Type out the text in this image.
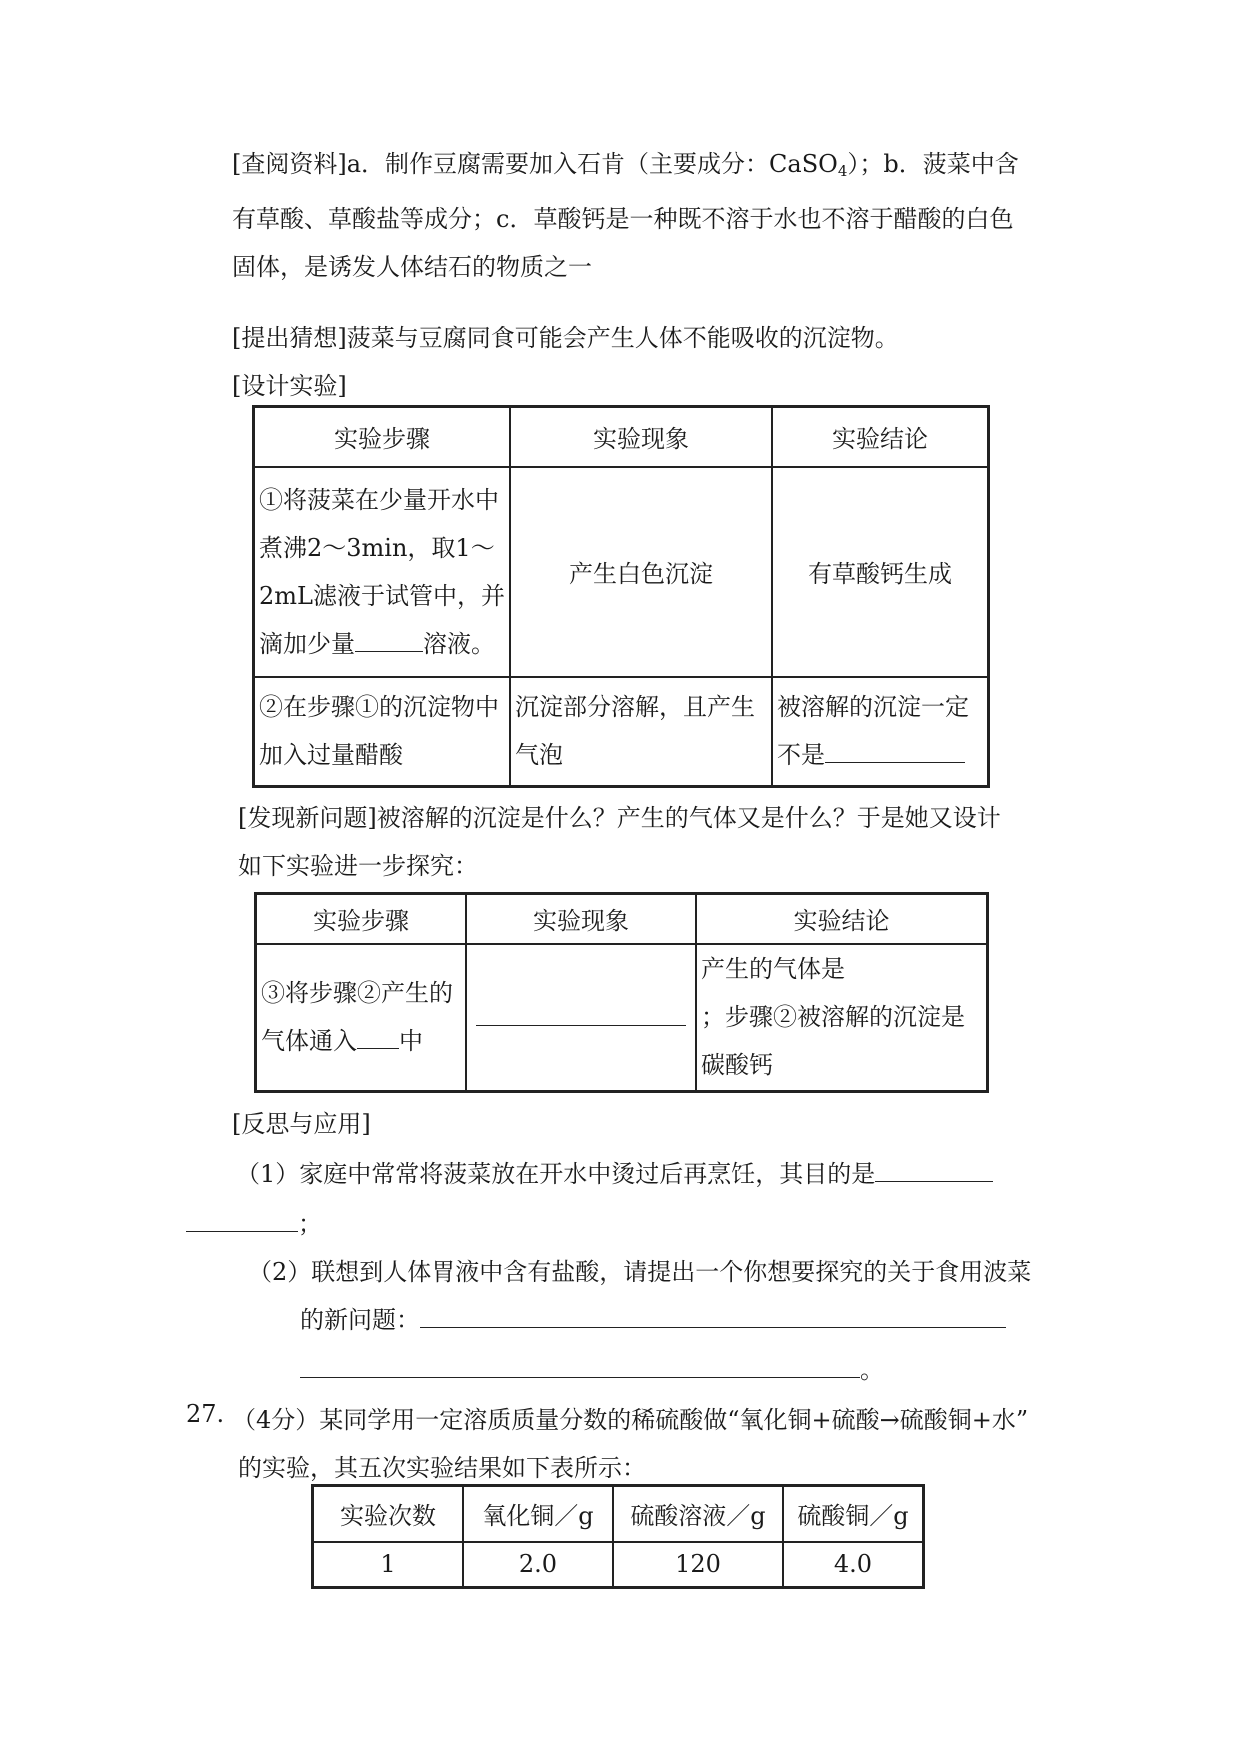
[查阅资料]a．制作豆腐需要加入石肯（主要成分：CaSO$_4$）；b．菠菜中含
有草酸、草酸盐等成分；c．草酸钙是一种既不溶于水也不溶于醋酸的白色
固体，是诱发人体结石的物质之一
[提出猜想]菠菜与豆腐同食可能会产生人体不能吸收的沉淀物。
[设计实验]
实验步骤	实验现象	实验结论
①将菠菜在少量开水中煮沸2～3min，取1～2mL滤液于试管中，并滴加少量 溶液。	产生白色沉淀	有草酸钙生成
②在步骤①的沉淀物中加入过量醋酸	沉淀部分溶解，且产生气泡	被溶解的沉淀一定不是
[发现新问题]被溶解的沉淀是什么？产生的气体又是什么？于是她又设计
如下实验进一步探究：
实验步骤	实验现象	实验结论
③将步骤②产生的气体通入 中		产生的气体是
；步骤②被溶解的沉淀是碳酸钙
[反思与应用]
（1）家庭中常常将菠菜放在开水中烫过后再烹饪，其目的是
；
（2）联想到人体胃液中含有盐酸，请提出一个你想要探究的关于食用波菜
的新问题：
。
27. （4分）某同学用一定溶质质量分数的稀硫酸做“氧化铜+硫酸→硫酸铜+水”
的实验，其五次实验结果如下表所示：
实验次数	氧化铜／g	硫酸溶液／g	硫酸铜／g
1	2.0	120	4.0
